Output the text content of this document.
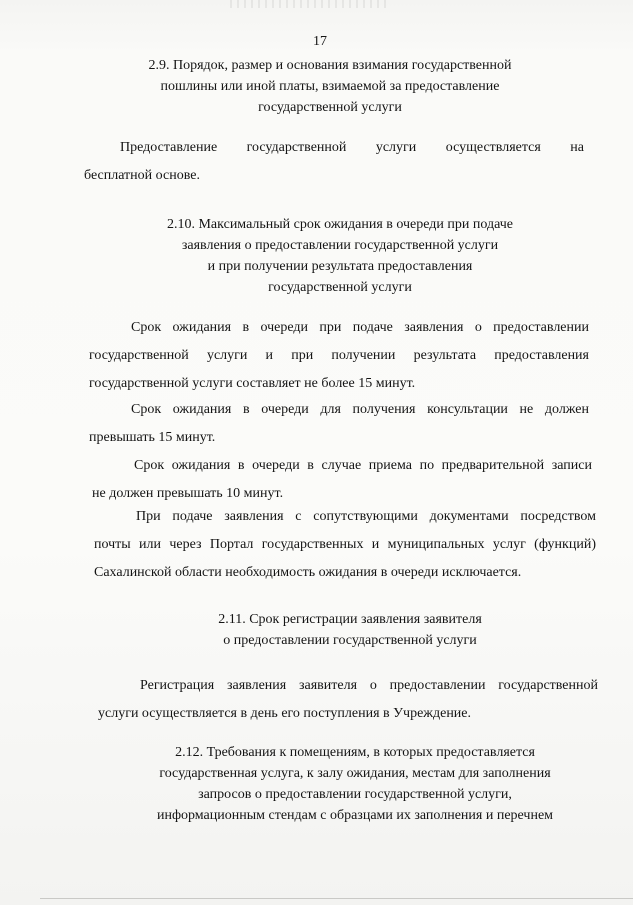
17
2.9. Порядок, размер и основания взимания государственной
пошлины или иной платы, взимаемой за предоставление
государственной услуги
Предоставление государственной услуги осуществляется на
бесплатной основе.
2.10. Максимальный срок ожидания в очереди при подаче
заявления о предоставлении государственной услуги
и при получении результата предоставления
государственной услуги
Срок ожидания в очереди при подаче заявления о предоставлении
государственной услуги и при получении результата предоставления
государственной услуги составляет не более 15 минут.
Срок ожидания в очереди для получения консультации не должен
превышать 15 минут.
Срок ожидания в очереди в случае приема по предварительной записи
не должен превышать 10 минут.
При подаче заявления с сопутствующими документами посредством
почты или через Портал государственных и муниципальных услуг (функций)
Сахалинской области необходимость ожидания в очереди исключается.
2.11. Срок регистрации заявления заявителя
о предоставлении государственной услуги
Регистрация заявления заявителя о предоставлении государственной
услуги осуществляется в день его поступления в Учреждение.
2.12. Требования к помещениям, в которых предоставляется
государственная услуга, к залу ожидания, местам для заполнения
запросов о предоставлении государственной услуги,
информационным стендам с образцами их заполнения и перечнем
